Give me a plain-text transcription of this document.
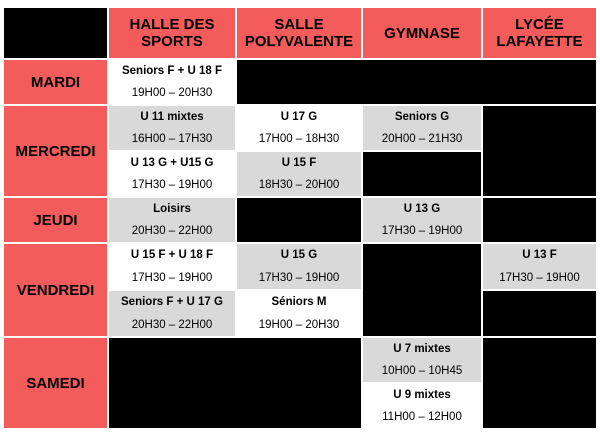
HALLE DES SPORTS
SALLE POLYVALENTE	GYMNASE	LYCÉE LAFAYETTE
MARDI
MERCREDI
JEUDI
VENDREDI
SAMEDI
Seniors F + U 18 F
19H00 – 20H30
U 11 mixtes
16H00 – 17H30
U 17 G
17H00 – 18H30
Seniors G
20H00 – 21H30
U 13 G + U15 G
17H30 – 19H00
U 15 F
18H30 – 20H00
Loisirs
20H30 – 22H00
U 13 G
17H30 – 19H00
U 15 F + U 18 F
17H30 – 19H00
U 15 G
17H30 – 19H00
U 13 F
17H30 – 19H00
Seniors F + U 17 G
20H30 – 22H00
Séniors M
19H00 – 20H30
U 7 mixtes
10H00 – 10H45
U 9 mixtes
11H00 – 12H00
